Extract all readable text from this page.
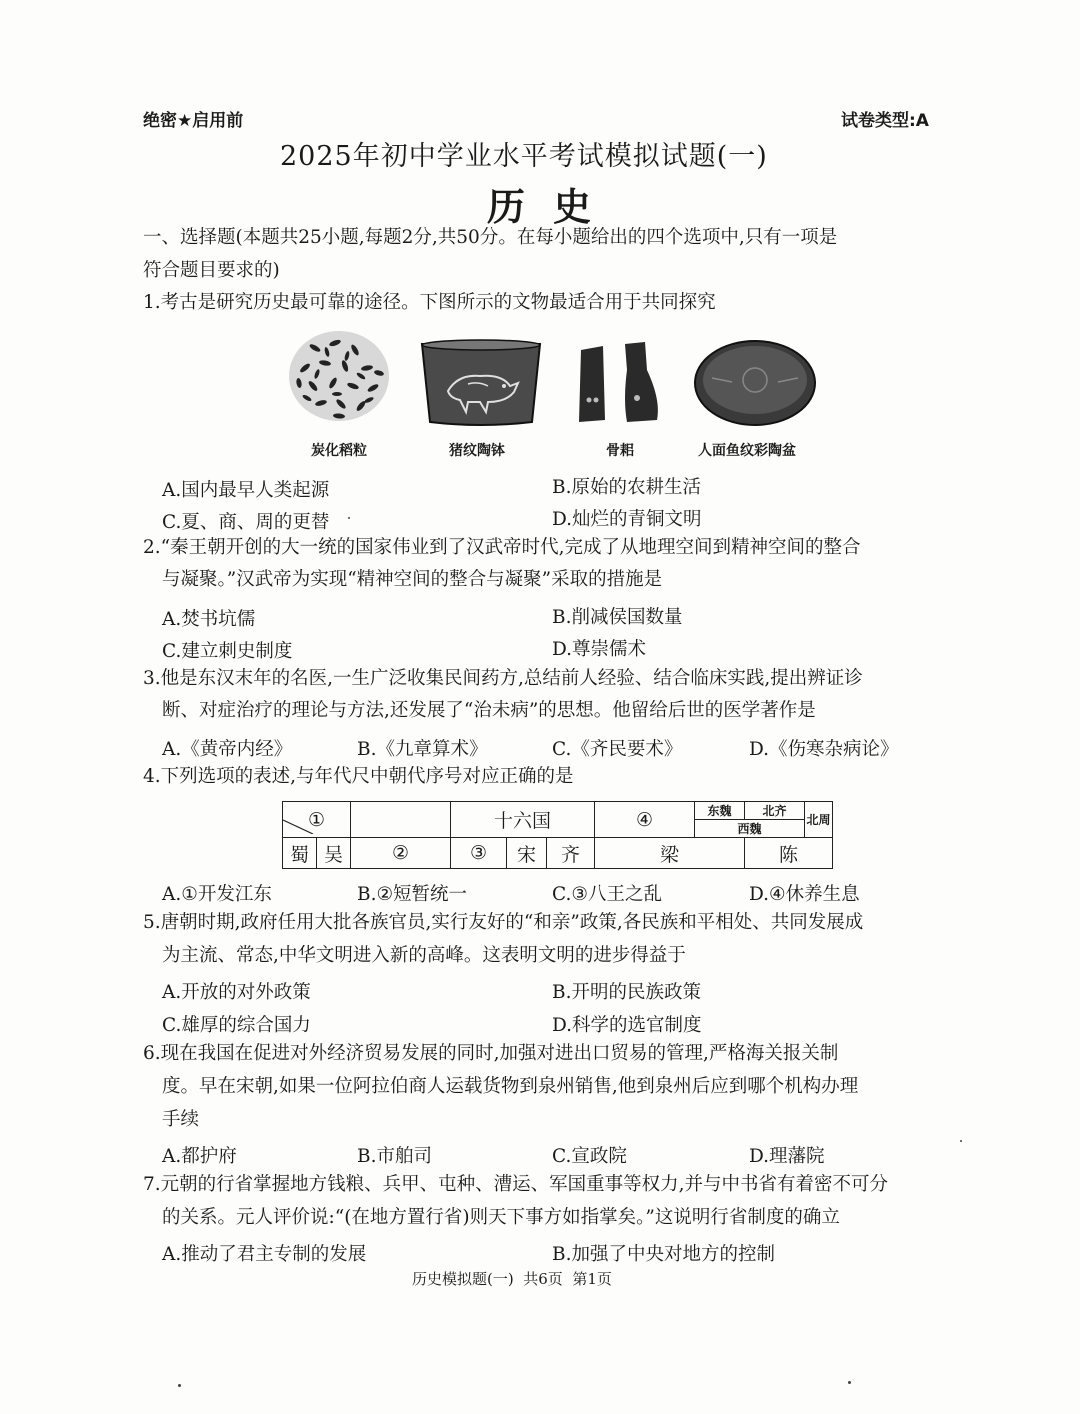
绝密★启用前	试卷类型:A
2025年初中学业水平考试模拟试题(一)
历史
一、选择题(本题共25小题,每题2分,共50分。在每小题给出的四个选项中,只有一项是
符合题目要求的)
1.考古是研究历史最可靠的途径。下图所示的文物最适合用于共同探究
炭化稻粒	猪纹陶钵	骨耜	人面鱼纹彩陶盆
A.国内最早人类起源	B.原始的农耕生活
C.夏、商、周的更替	D.灿烂的青铜文明
2.“秦王朝开创的大一统的国家伟业到了汉武帝时代,完成了从地理空间到精神空间的整合
与凝聚。”汉武帝为实现“精神空间的整合与凝聚”采取的措施是
A.焚书坑儒	B.削减侯国数量
C.建立刺史制度	D.尊崇儒术
3.他是东汉末年的名医,一生广泛收集民间药方,总结前人经验、结合临床实践,提出辨证诊
断、对症治疗的理论与方法,还发展了“治未病”的思想。他留给后世的医学著作是
A.《黄帝内经》	B.《九章算术》	C.《齐民要术》	D.《伤寒杂病论》
4.下列选项的表述,与年代尺中朝代序号对应正确的是
①			十六国			④	东魏	北齐	北周
							西魏		
蜀	吴	②	③	宋	齐	梁		陈	
A.①开发江东	B.②短暂统一	C.③八王之乱	D.④休养生息
5.唐朝时期,政府任用大批各族官员,实行友好的“和亲”政策,各民族和平相处、共同发展成
为主流、常态,中华文明进入新的高峰。这表明文明的进步得益于
A.开放的对外政策	B.开明的民族政策
C.雄厚的综合国力	D.科学的选官制度
6.现在我国在促进对外经济贸易发展的同时,加强对进出口贸易的管理,严格海关报关制
度。早在宋朝,如果一位阿拉伯商人运载货物到泉州销售,他到泉州后应到哪个机构办理
手续
A.都护府	B.市舶司	C.宣政院	D.理藩院
7.元朝的行省掌握地方钱粮、兵甲、屯种、漕运、军国重事等权力,并与中书省有着密不可分
的关系。元人评价说:“(在地方置行省)则天下事方如指掌矣。”这说明行省制度的确立
A.推动了君主专制的发展	B.加强了中央对地方的控制
历史模拟题(一)  共6页  第1页
